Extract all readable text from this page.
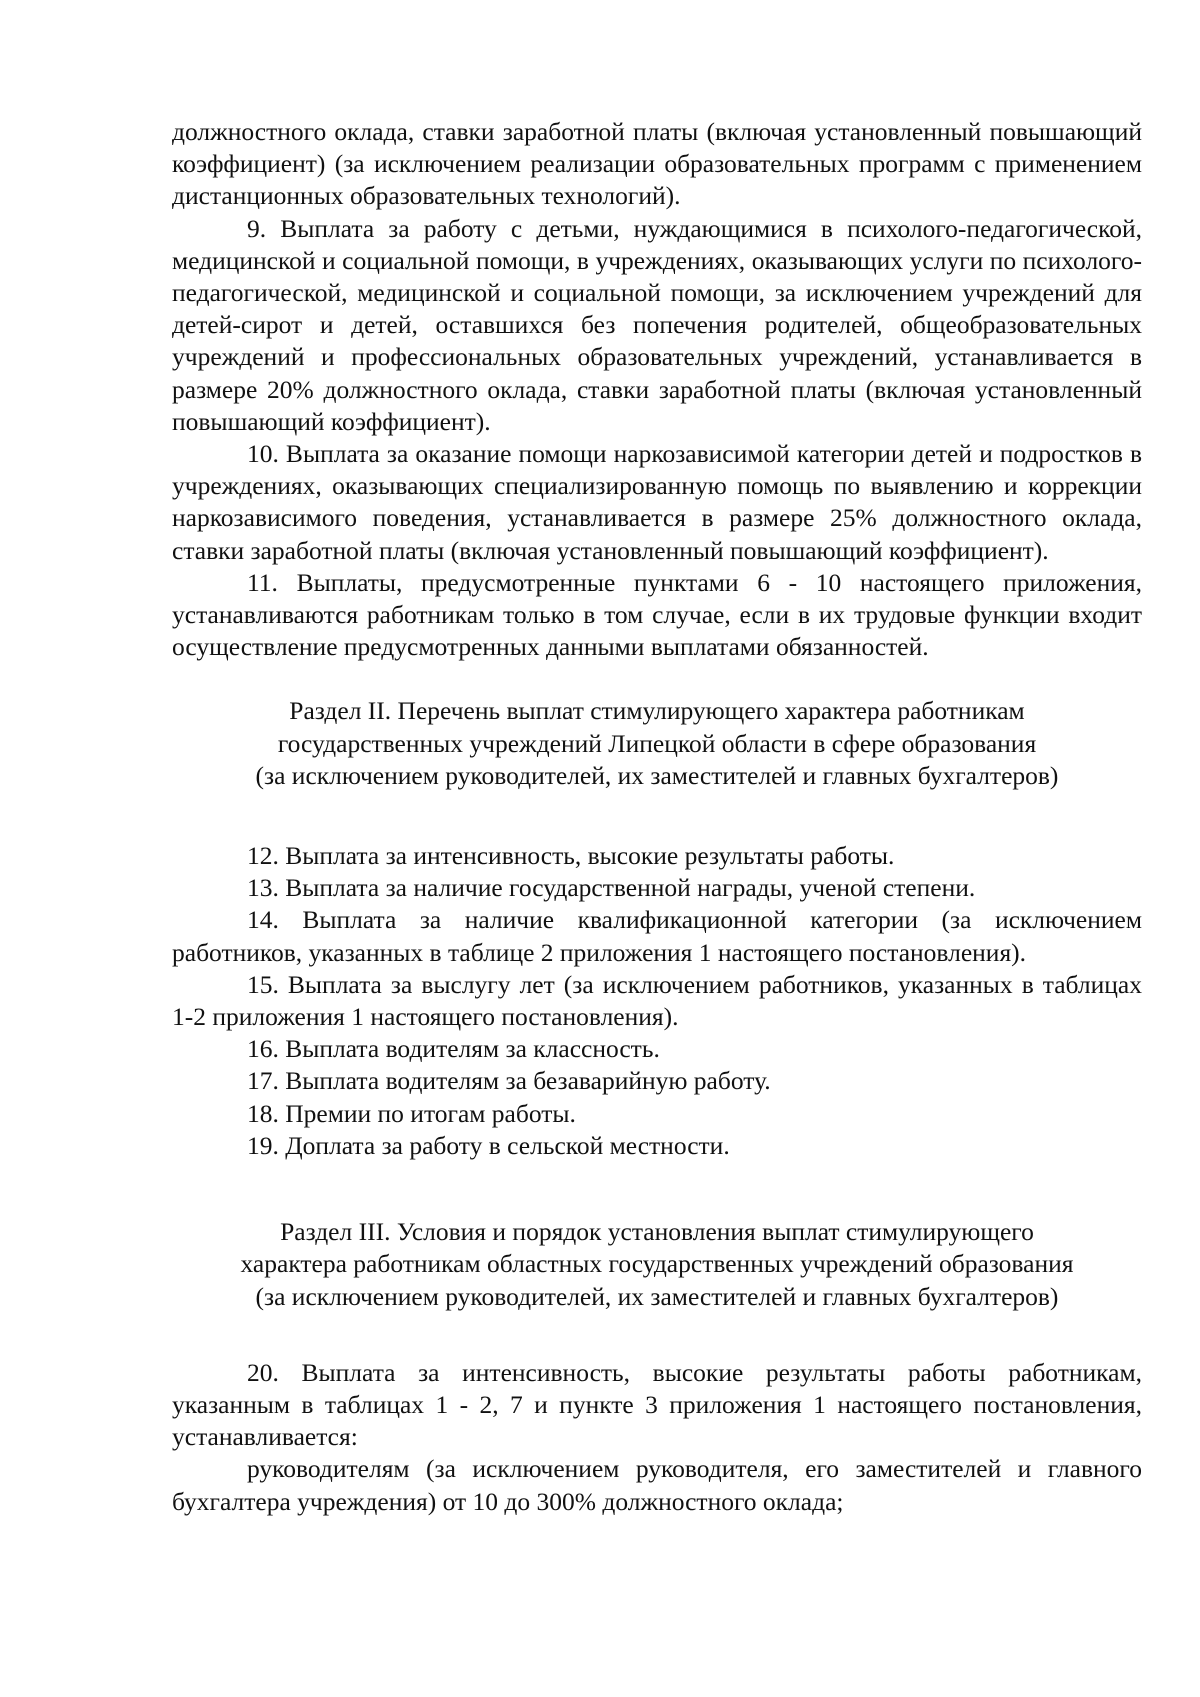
должностного оклада, ставки заработной платы (включая установленный повышающий коэффициент) (за исключением реализации образовательных программ с применением дистанционных образовательных технологий).

9. Выплата за работу с детьми, нуждающимися в психолого-педагогической, медицинской и социальной помощи, в учреждениях, оказывающих услуги по психолого-педагогической, медицинской и социальной помощи, за исключением учреждений для детей-сирот и детей, оставшихся без попечения родителей, общеобразовательных учреждений и профессиональных образовательных учреждений, устанавливается в размере 20% должностного оклада, ставки заработной платы (включая установленный повышающий коэффициент).

10. Выплата за оказание помощи наркозависимой категории детей и подростков в учреждениях, оказывающих специализированную помощь по выявлению и коррекции наркозависимого поведения, устанавливается в размере 25% должностного оклада, ставки заработной платы (включая установленный повышающий коэффициент).

11. Выплаты, предусмотренные пунктами 6 - 10 настоящего приложения, устанавливаются работникам только в том случае, если в их трудовые функции входит осуществление предусмотренных данными выплатами обязанностей.

Раздел II. Перечень выплат стимулирующего характера работникам

государственных учреждений Липецкой области в сфере образования

(за исключением руководителей, их заместителей и главных бухгалтеров)

12. Выплата за интенсивность, высокие результаты работы.

13. Выплата за наличие государственной награды, ученой степени.

14. Выплата за наличие квалификационной категории (за исключением работников, указанных в таблице 2 приложения 1 настоящего постановления).

15. Выплата за выслугу лет (за исключением работников, указанных в таблицах 1-2 приложения 1 настоящего постановления).

16. Выплата водителям за классность.

17. Выплата водителям за безаварийную работу.

18. Премии по итогам работы.

19. Доплата за работу в сельской местности.

Раздел III. Условия и порядок установления выплат стимулирующего

характера работникам областных государственных учреждений образования

(за исключением руководителей, их заместителей и главных бухгалтеров)

20. Выплата за интенсивность, высокие результаты работы работникам, указанным в таблицах 1 - 2, 7 и пункте 3 приложения 1 настоящего постановления, устанавливается:

руководителям (за исключением руководителя, его заместителей и главного бухгалтера учреждения) от 10 до 300% должностного оклада;
